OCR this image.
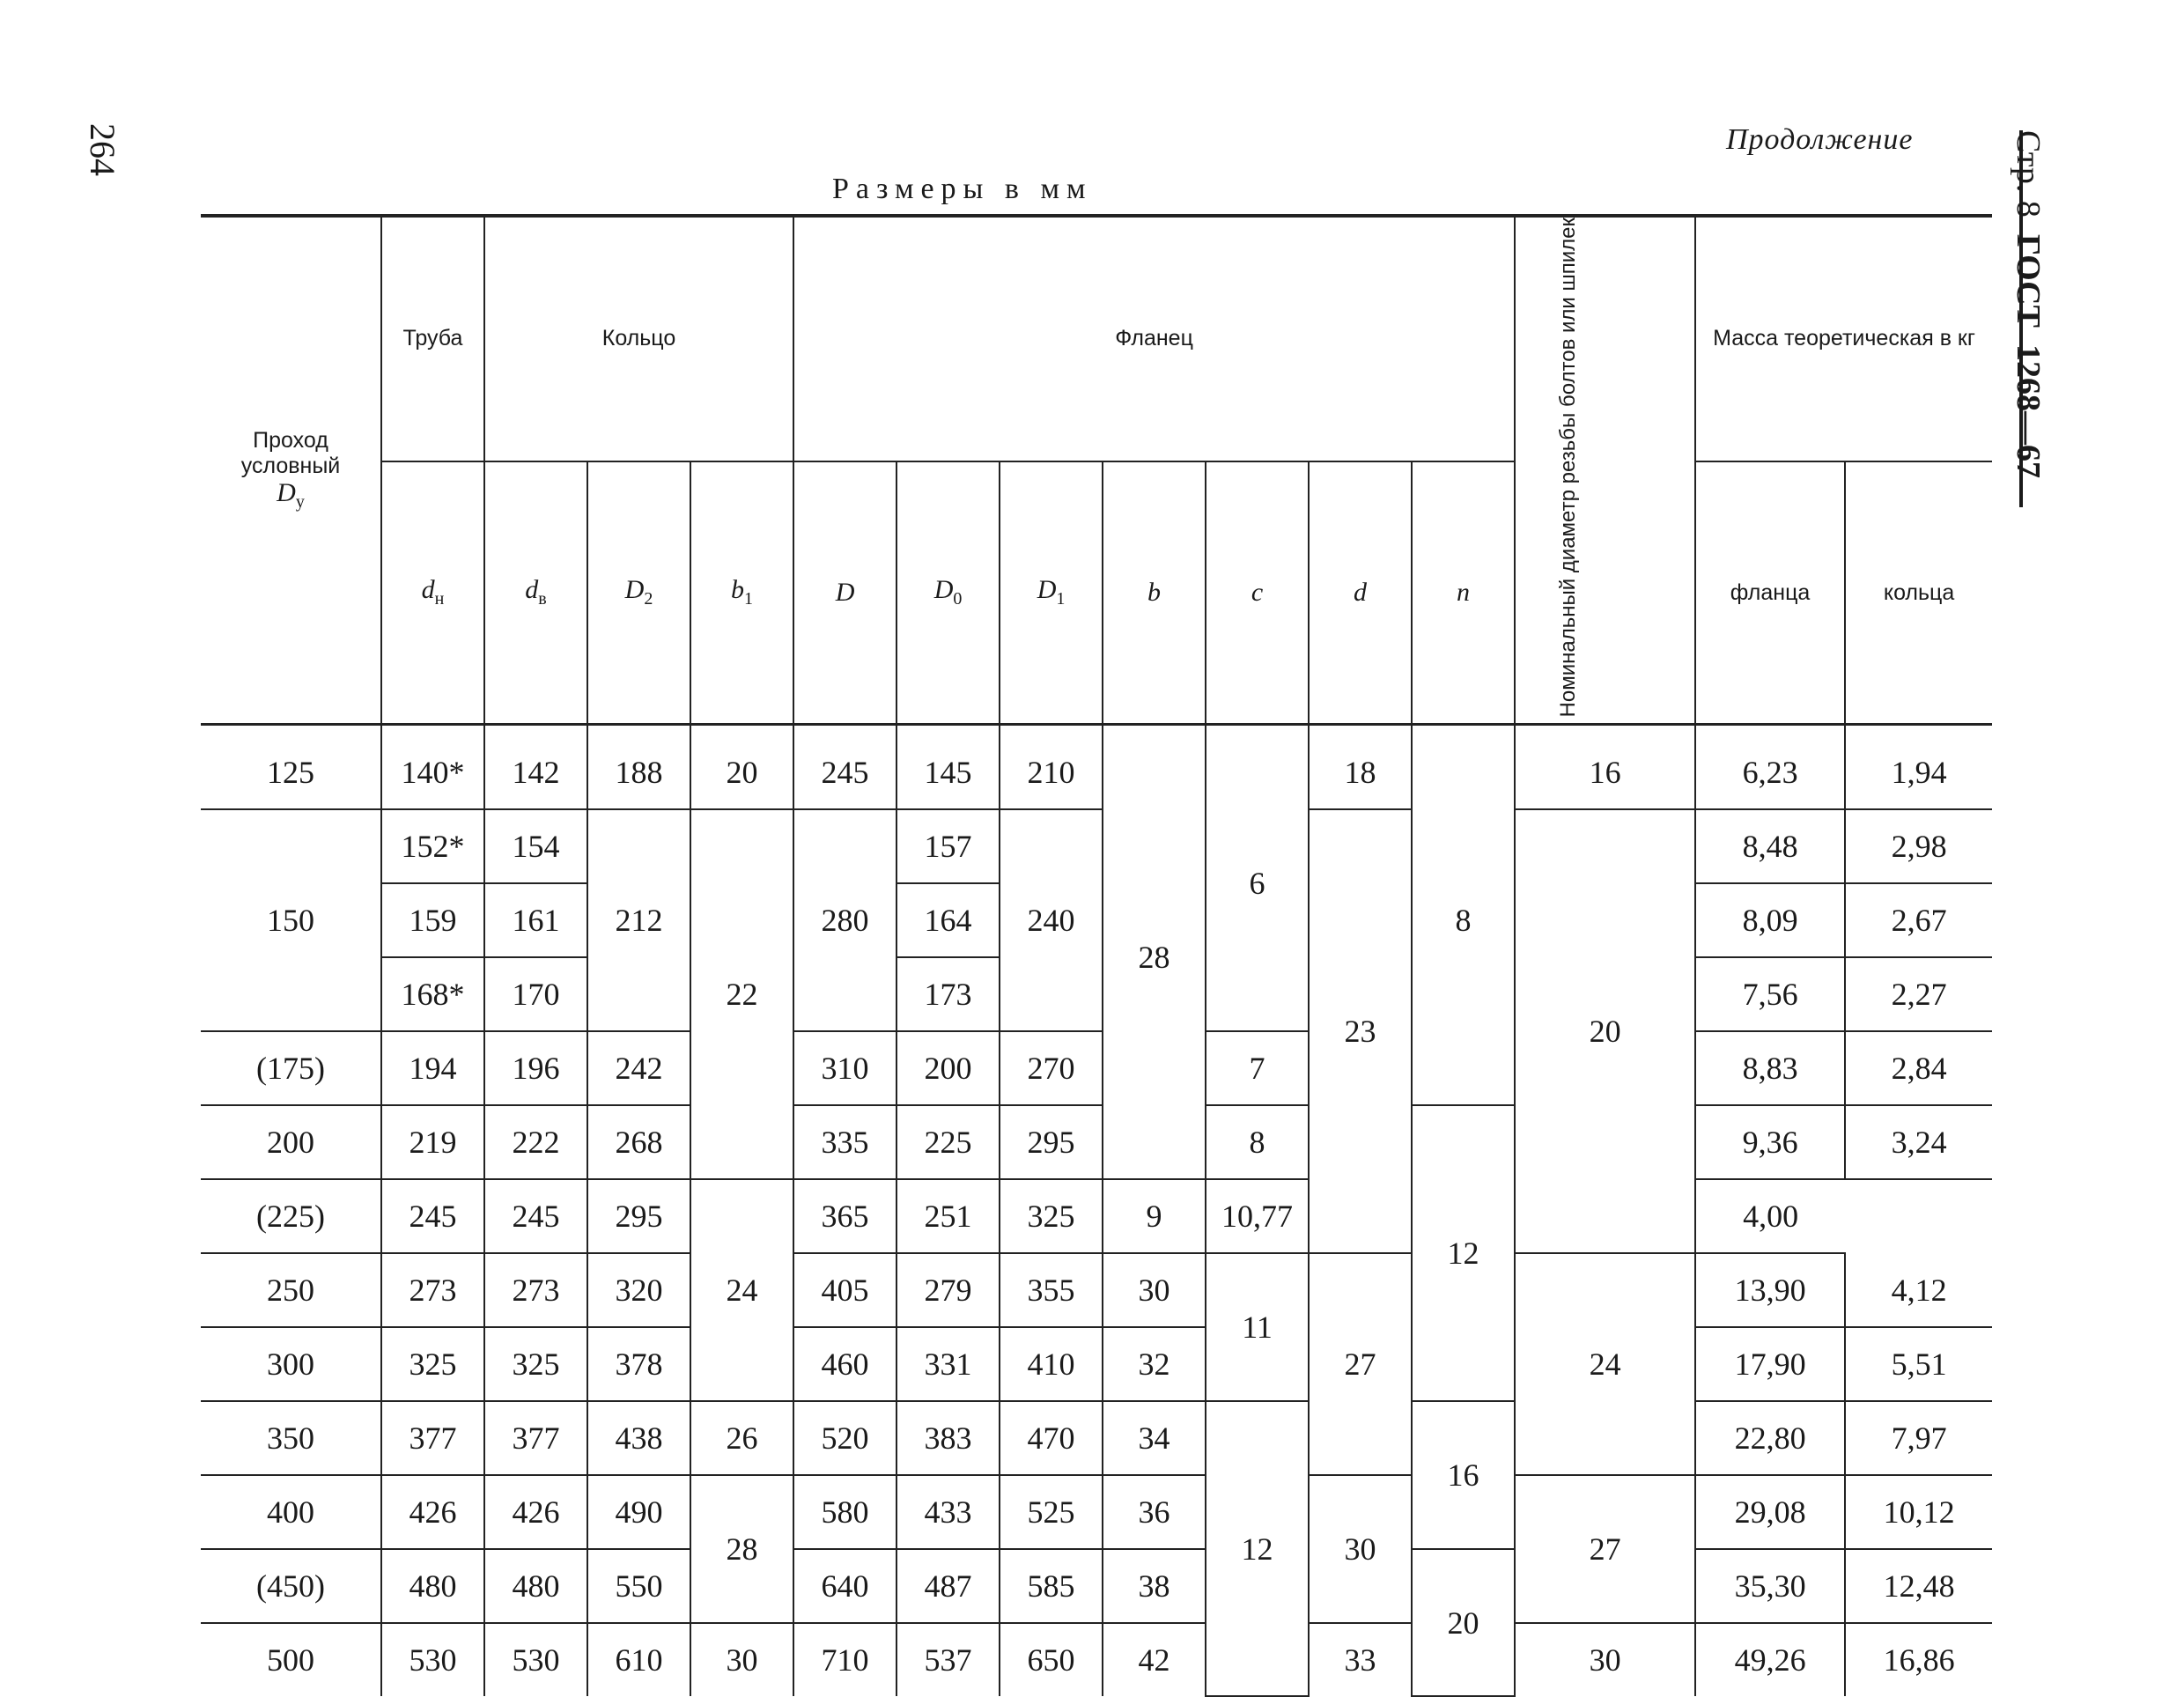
264	Продолжение	Стр. 8  ГОСТ  1268—67
Размеры в мм
Проход условный
$D_у$	Труба	Кольцо			Фланец							Номинальный диаметр резьбы болтов или шпилек	Масса теоретическая в кг	
	$d_н$	$d_в$	$D_2$	$b_1$	D	$D_0$	$D_1$	b	c	d	n		фланца	кольца

125	140*	142	188	20	245	145	210	28	6	18	8	16	6,23	1,94
150	152*	154	212	22	280	157	240			23		20	8,48	2,98
	159	161				164							8,09	2,67
	168*	170				173							7,56	2,27
(175)	194	196	242		310	200	270		7				8,83	2,84
200	219	222	268		335	225	295		8		12		9,36	3,24
(225)	245	245	295	24	365	251	325	9	10,77				4,00	
250	273	273	320		405	279	355	30	11	27		24	13,90	4,12
300	325	325	378		460	331	410	32					17,90	5,51
350	377	377	438	26	520	383	470	34	12		16		22,80	7,97
400	426	426	490	28	580	433	525	36		30		27	29,08	10,12
(450)	480	480	550		640	487	585	38			20		35,30	12,48
500	530	530	610	30	710	537	650	42		33		30	49,26	16,86
